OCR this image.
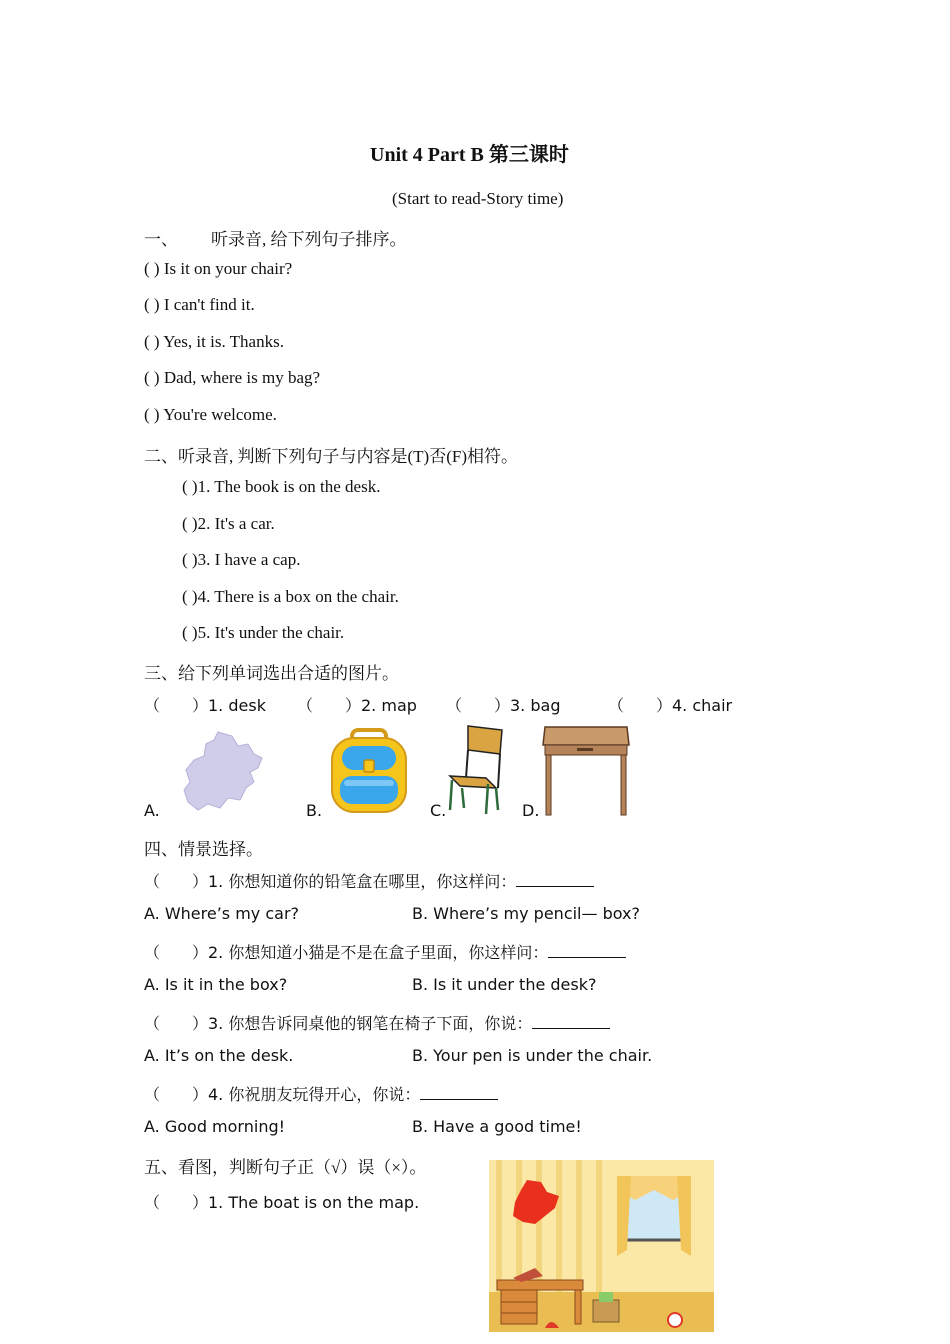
Unit 4 Part B 第三课时
(Start to read-Story time)
一、 听录音, 给下列句子排序。
( ) Is it on your chair?
( ) I can't find it.
( ) Yes, it is. Thanks.
( ) Dad, where is my bag?
( ) You're welcome.
二、听录音, 判断下列句子与内容是(T)否(F)相符。
( )1. The book is on the desk.
( )2. It's a car.
( )3. I have a cap.
( )4. There is a box on the chair.
( )5. It's under the chair.
三、给下列单词选出合适的图片。
（　　）1. desk （　　）2. map （　　）3. bag	（　　）4. chair
A.	B.	C.	D.
四、情景选择。
（　　）1. 你想知道你的铅笔盒在哪里，你这样问：
A. Where’s my car?	B. Where’s my pencil— box?
（　　）2. 你想知道小猫是不是在盒子里面，你这样问：
A. Is it in the box?	B. Is it under the desk?
（　　）3. 你想告诉同桌他的钢笔在椅子下面，你说：
A. It’s on the desk.	B. Your pen is under the chair.
（　　）4. 你祝朋友玩得开心，你说：
A. Good morning!	B. Have a good time!
五、看图，判断句子正（√）误（×）。
（　　）1. The boat is on the map.
